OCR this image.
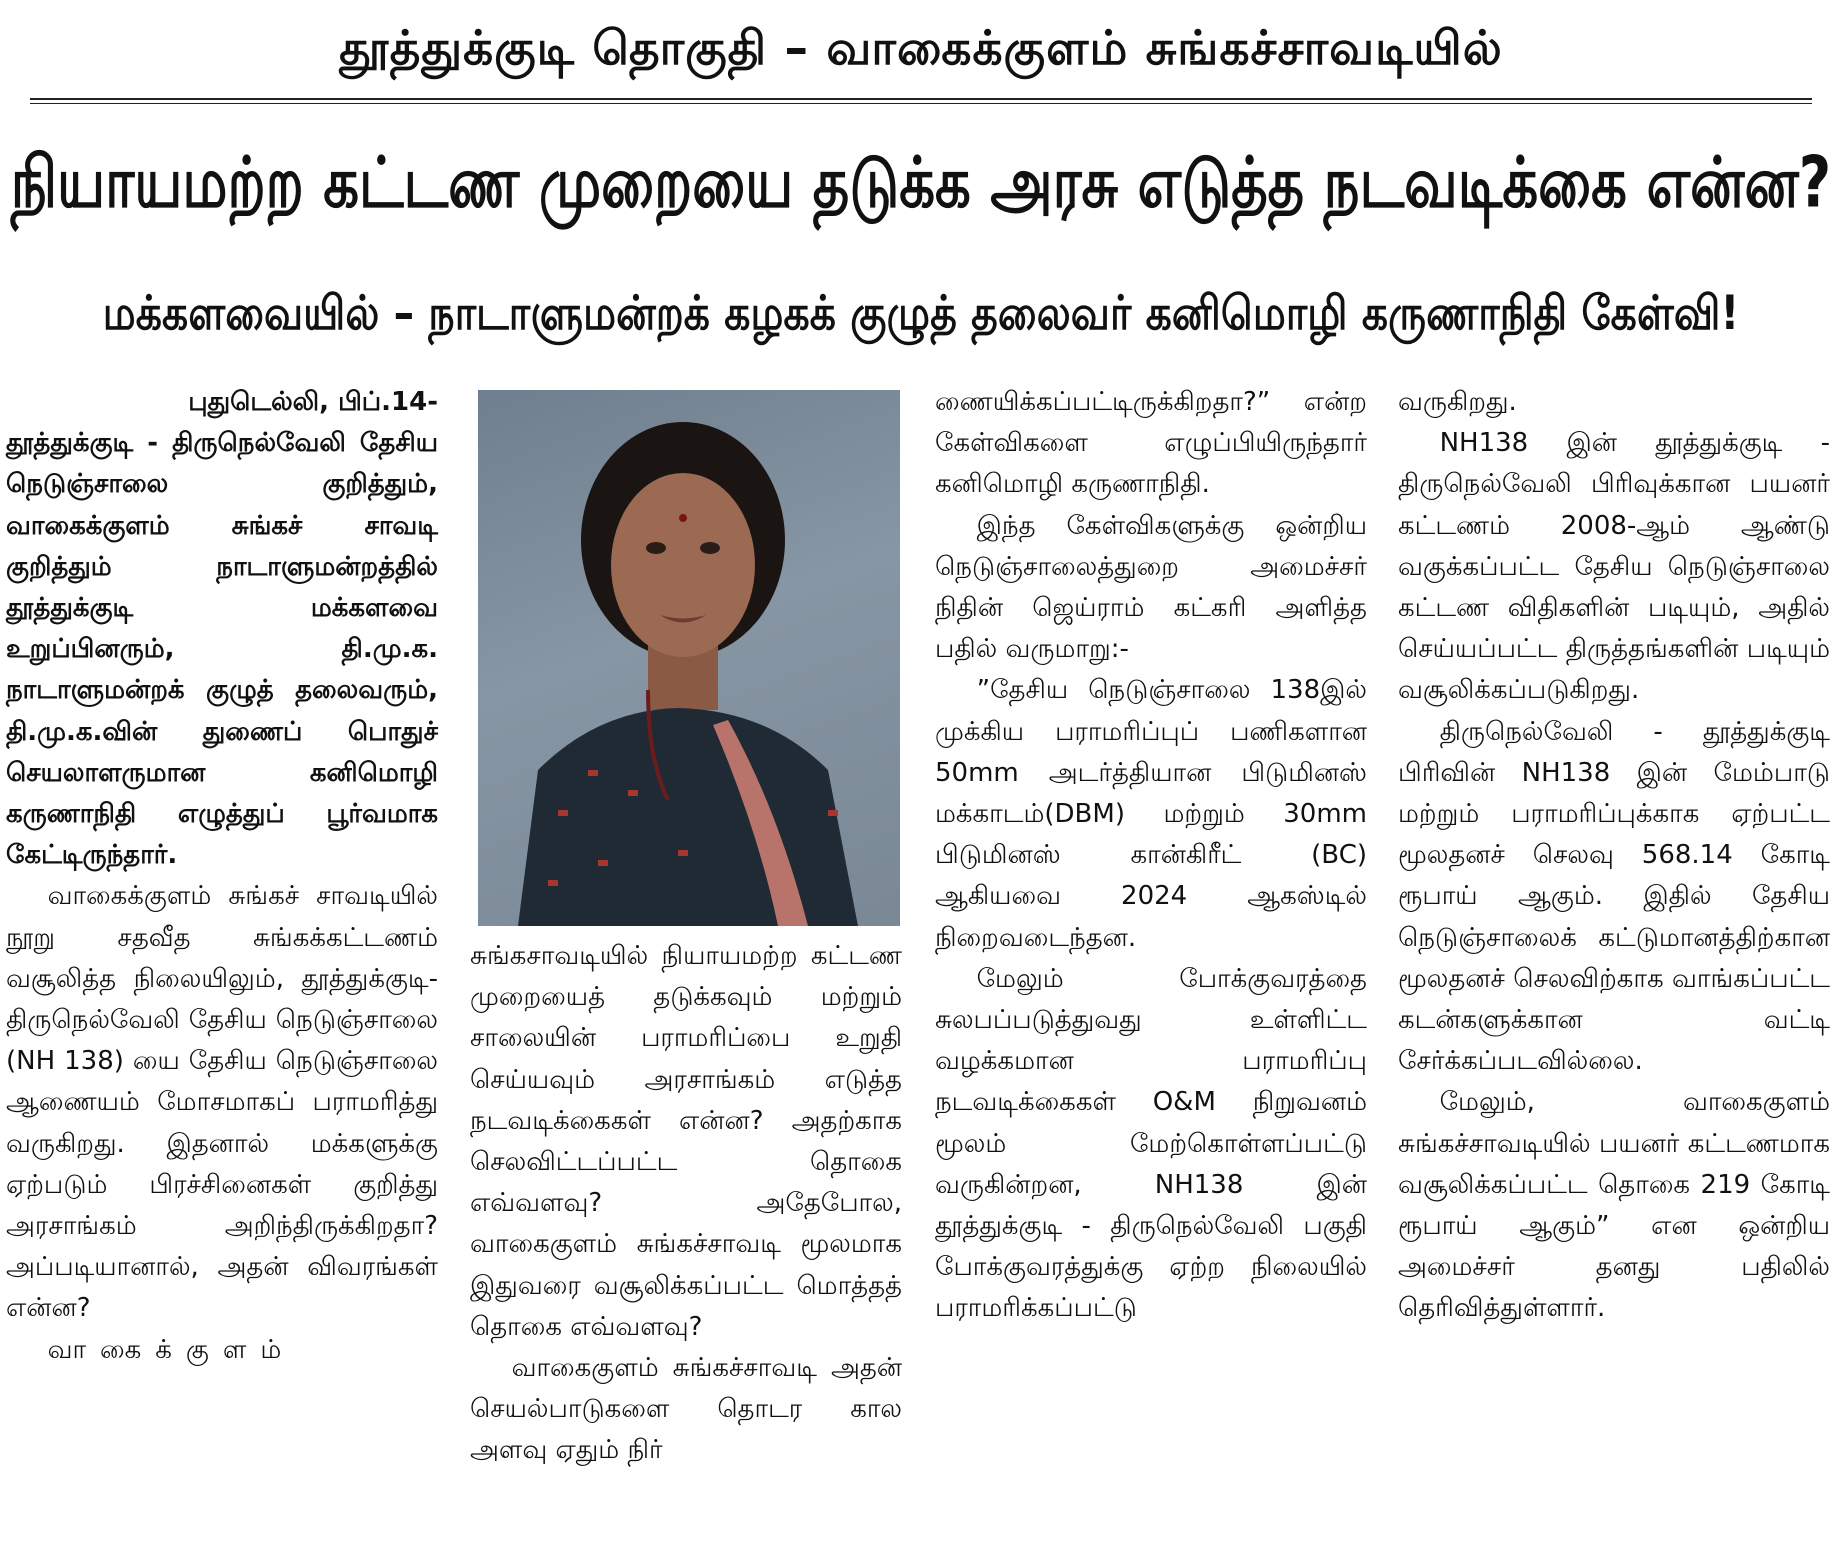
தூத்துக்குடி தொகுதி – வாகைக்குளம் சுங்கச்சாவடியில்
நியாயமற்ற கட்டண முறையை தடுக்க அரசு எடுத்த நடவடிக்கை என்ன?
மக்களவையில் – நாடாளுமன்றக் கழகக் குழுத் தலைவர் கனிமொழி கருணாநிதி கேள்வி!

புதுடெல்லி, பிப்.14-

தூத்துக்குடி - திருநெல்வேலி தேசிய நெடுஞ்சாலை குறித்தும், வாகைக்குளம் சுங்கச் சாவடி குறித்தும் நாடாளுமன்றத்தில் தூத்துக்குடி மக்களவை உறுப்பினரும், தி.மு.க. நாடாளுமன்றக் குழுத் தலைவரும், தி.மு.க.வின் துணைப் பொதுச் செயலாளருமான கனிமொழி கருணாநிதி எழுத்துப் பூர்வமாக கேட்டிருந்தார்.

வாகைக்குளம் சுங்கச் சாவடியில் நூறு சதவீத சுங்கக்கட்டணம் வசூலித்த நிலையிலும், தூத்துக்குடி- திருநெல்வேலி தேசிய நெடுஞ்சாலை (NH 138) யை தேசிய நெடுஞ்சாலை ஆணையம் மோசமாகப் பராமரித்து வருகிறது. இதனால் மக்களுக்கு ஏற்படும் பிரச்சினைகள் குறித்து அரசாங்கம் அறிந்திருக்கிறதா? அப்படியானால், அதன் விவரங்கள் என்ன?

வாகைக்குளம்

சுங்கசாவடியில் நியாயமற்ற கட்டண முறையைத் தடுக்கவும் மற்றும் சாலையின் பராமரிப்பை உறுதி செய்யவும் அரசாங்கம் எடுத்த நடவடிக்கைகள் என்ன? அதற்காக செலவிட்டப்பட்ட தொகை எவ்வளவு? அதேபோல, வாகைகுளம் சுங்கச்சாவடி மூலமாக இதுவரை வசூலிக்கப்பட்ட மொத்தத் தொகை எவ்வளவு?

வாகைகுளம் சுங்கச்சாவடி அதன் செயல்பாடுகளை தொடர கால அளவு ஏதும் நிர்

ணையிக்கப்பட்டிருக்கிறதா?” என்ற கேள்விகளை எழுப்பியிருந்தார் கனிமொழி கருணாநிதி.

இந்த கேள்விகளுக்கு ஒன்றிய நெடுஞ்சாலைத்துறை அமைச்சர் நிதின் ஜெய்ராம் கட்கரி அளித்த பதில் வருமாறு:-

”தேசிய நெடுஞ்சாலை 138இல் முக்கிய பராமரிப்புப் பணிகளான 50mm அடர்த்தியான பிடுமினஸ் மக்காடம்(DBM) மற்றும் 30mm பிடுமினஸ் கான்கிரீட் (BC) ஆகியவை 2024 ஆகஸ்டில் நிறைவடைந்தன.

மேலும் போக்குவரத்தை சுலபப்படுத்துவது உள்ளிட்ட வழக்கமான பராமரிப்பு நடவடிக்கைகள் O&M நிறுவனம் மூலம் மேற்கொள்ளப்பட்டு வருகின்றன, NH138 இன் தூத்துக்குடி - திருநெல்வேலி பகுதி போக்குவரத்துக்கு ஏற்ற நிலையில் பராமரிக்கப்பட்டு

வருகிறது.

NH138 இன் தூத்துக்குடி - திருநெல்வேலி பிரிவுக்கான பயனர் கட்டணம் 2008-ஆம் ஆண்டு வகுக்கப்பட்ட தேசிய நெடுஞ்சாலை கட்டண விதிகளின் படியும், அதில் செய்யப்பட்ட திருத்தங்களின் படியும் வசூலிக்கப்படுகிறது.

திருநெல்வேலி - தூத்துக்குடி பிரிவின் NH138 இன் மேம்பாடு மற்றும் பராமரிப்புக்காக ஏற்பட்ட மூலதனச் செலவு 568.14 கோடி ரூபாய் ஆகும். இதில் தேசிய நெடுஞ்சாலைக் கட்டுமானத்திற்கான மூலதனச் செலவிற்காக வாங்கப்பட்ட கடன்களுக்கான வட்டி சேர்க்கப்படவில்லை.

மேலும், வாகைகுளம் சுங்கச்சாவடியில் பயனர் கட்டணமாக வசூலிக்கப்பட்ட தொகை 219 கோடி ரூபாய் ஆகும்” என ஒன்றிய அமைச்சர் தனது பதிலில் தெரிவித்துள்ளார்.
